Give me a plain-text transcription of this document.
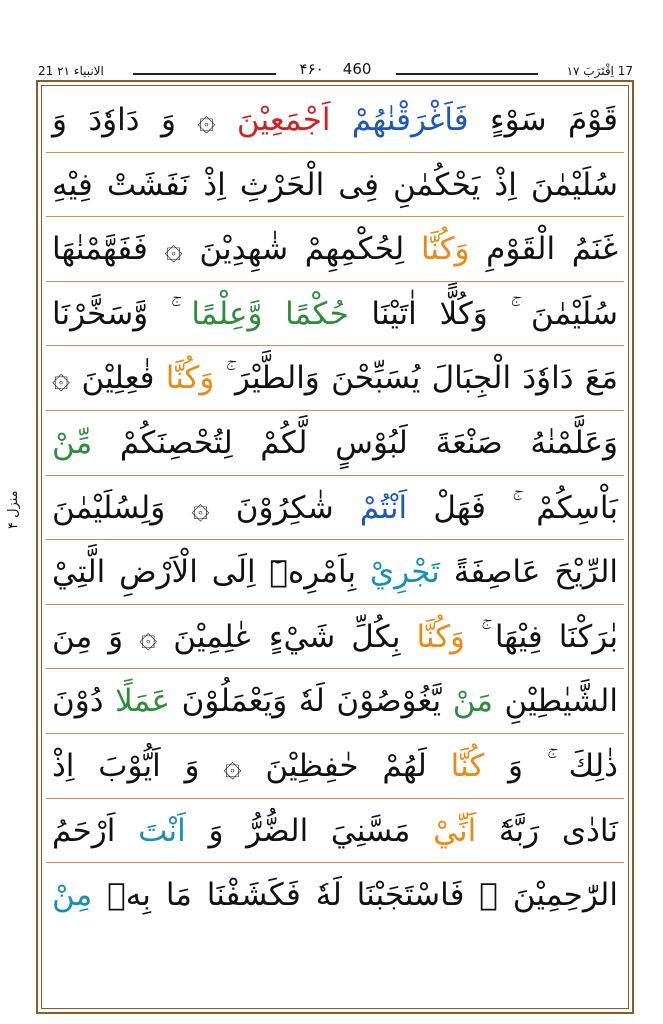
21 الانبیاء ۲۱	۴۶۰ 460	17 اِقْتَرَبَ ۱۷
منزل ۴
قَوْمَ سَوْءٍ فَاَغْرَقْنٰهُمْ اَجْمَعِيْنَ ۞ وَ دَاوٗدَ وَ
سُلَيْمٰنَ اِذْ يَحْكُمٰنِ فِى الْحَرْثِ اِذْ نَفَشَتْ فِيْهِ
غَنَمُ الْقَوْمِ وَكُنَّا لِحُكْمِهِمْ شٰهِدِيْنَ ۞ فَفَهَّمْنٰهَا
سُلَيْمٰنَ ۚ وَكُلًّا اٰتَيْنَا حُكْمًا وَّعِلْمًا ۚ وَّسَخَّرْنَا
مَعَ دَاوٗدَ الْجِبَالَ يُسَبِّحْنَ وَالطَّيْرَ ۚ وَكُنَّا فٰعِلِيْنَ ۞
وَعَلَّمْنٰهُ صَنْعَةَ لَبُوْسٍ لَّكُمْ لِتُحْصِنَكُمْ مِّنْ
بَاْسِكُمْ ۚ فَهَلْ اَنْتُمْ شٰكِرُوْنَ ۞ وَلِسُلَيْمٰنَ
الرِّيْحَ عَاصِفَةً تَجْرِيْ بِاَمْرِهٖٓ اِلَى الْاَرْضِ الَّتِيْ
بٰرَكْنَا فِيْهَا ۚ وَكُنَّا بِكُلِّ شَيْءٍ عٰلِمِيْنَ ۞ وَ مِنَ
الشَّيٰطِيْنِ مَنْ يَّغُوْصُوْنَ لَهٗ وَيَعْمَلُوْنَ عَمَلًا دُوْنَ
ذٰلِكَ ۚ وَ كُنَّا لَهُمْ حٰفِظِيْنَ ۞ وَ اَيُّوْبَ اِذْ
نَادٰى رَبَّهٗٓ اَنِّيْ مَسَّنِيَ الضُّرُّ وَ اَنْتَ اَرْحَمُ
الرّٰحِمِيْنَ ۞ فَاسْتَجَبْنَا لَهٗ فَكَشَفْنَا مَا بِهٖ مِنْ
